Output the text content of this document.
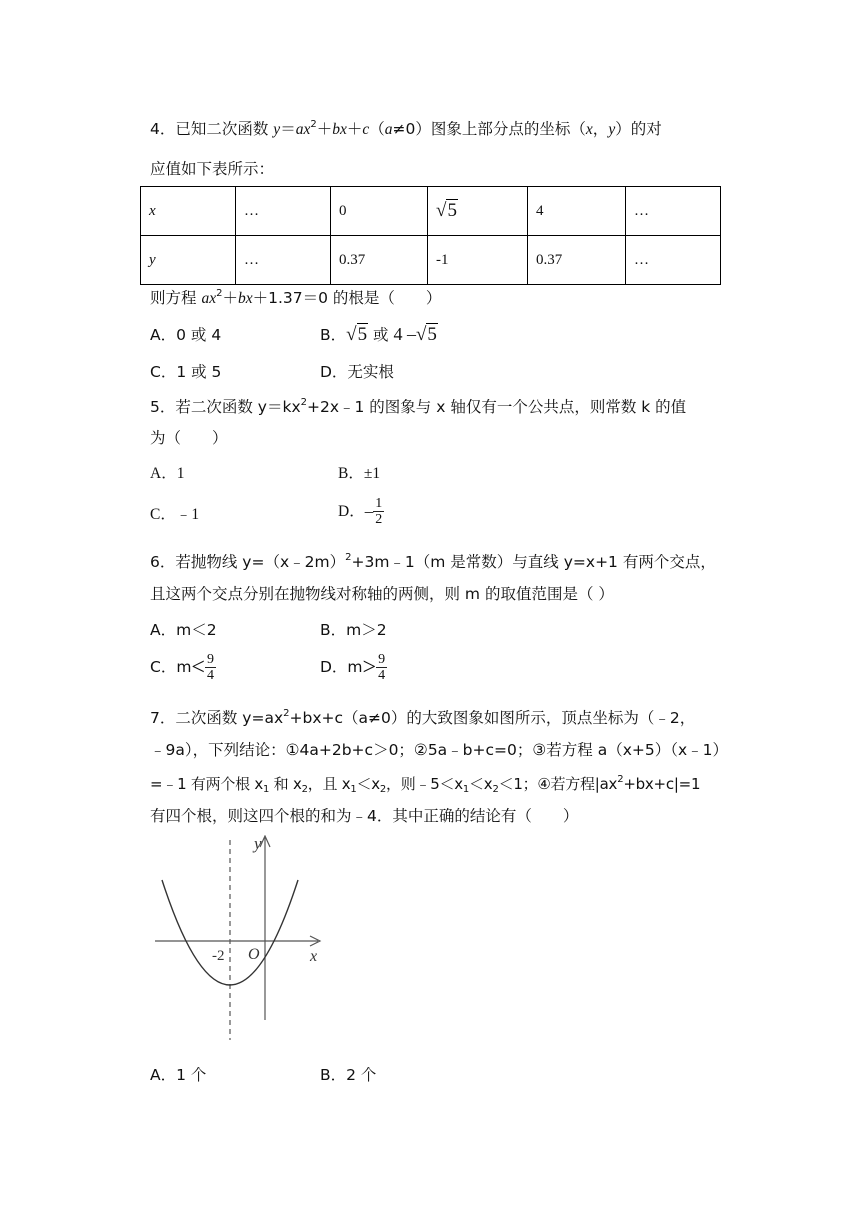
4．已知二次函数 $y=ax^2+bx+c(a\ne 0)$图象上部分点的坐标（x，y）的对
应值如下表所示：
x	…	0	√5	4	…
y	…	0.37	-1	0.37	…
则方程 $ax^2+bx+1.37=0$ 的根是（　　）
A．0 或 4	B．√5 或 4 –√5
C．1 或 5	D．无实根
5．若二次函数 $y=kx^2+2x﹣1$ 的图象与 x 轴仅有一个公共点，则常数 k 的值
为（　　）
A．1	B．±1
C．﹣1	D．– $\frac{1}{2}$
6．若抛物线 y=（x﹣2m）$^2$+3m﹣1（m 是常数）与直线 y=x+1 有两个交点，
且这两个交点分别在抛物线对称轴的两侧，则 m 的取值范围是（ ）
A．m＜2	B．m＞2
C．$m< \frac{9}{4}$	D．$m> \frac{9}{4}$
7．二次函数 $y=ax^2+bx+c(a\ne 0)$的大致图象如图所示，顶点坐标为（﹣2，
﹣9a），下列结论：①4a+2b+c＞0；②5a﹣b+c=0；③若方程 a（x+5）（x﹣1）
=﹣1 有两个根 $x_1$ 和 $x_2$，且 $x_1<x_2$，则$﹣5<x_1<x_2<1$；④若方程$|ax^2+bx+c|=1$
有四个根，则这四个根的和为﹣4．其中正确的结论有（　　）
y
x
O
-2
A．1 个	B．2 个
